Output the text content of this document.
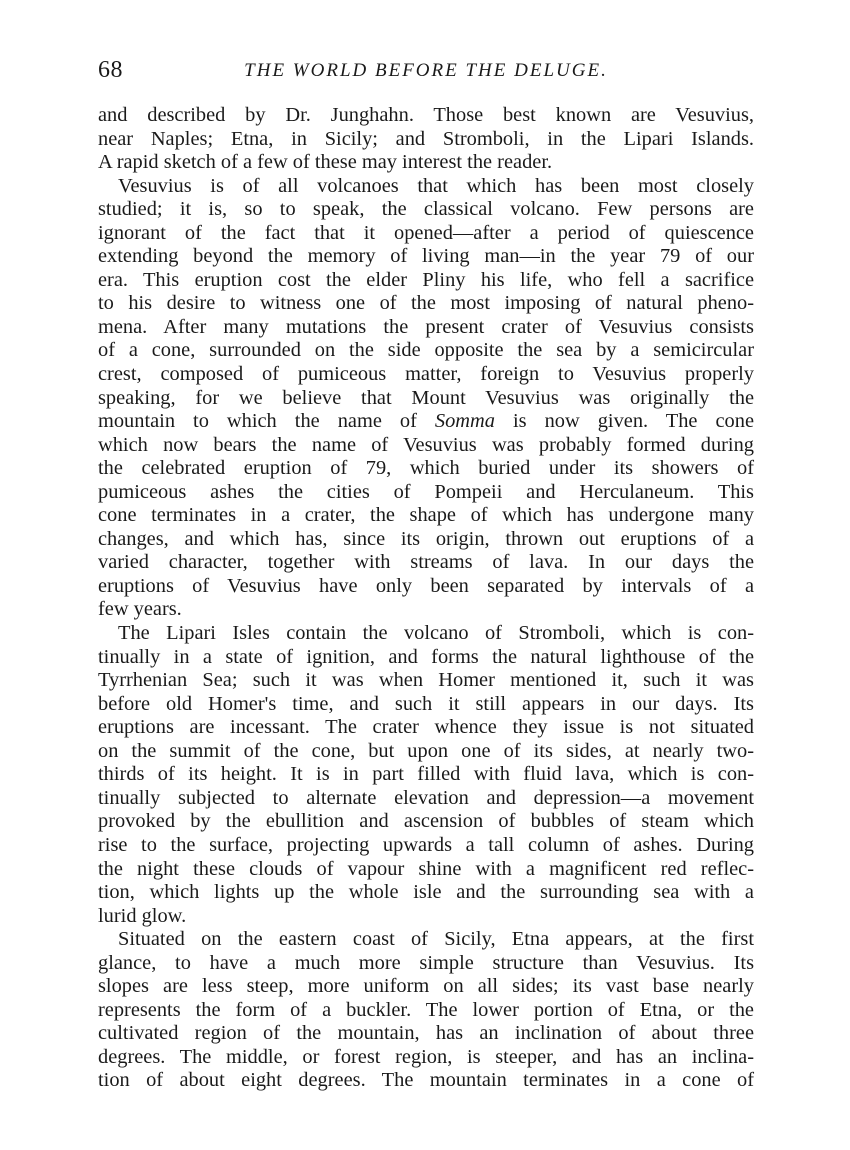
68	THE WORLD BEFORE THE DELUGE.

and described by Dr. Junghahn. Those best known are Vesuvius,
near Naples; Etna, in Sicily; and Stromboli, in the Lipari Islands.
A rapid sketch of a few of these may interest the reader.

Vesuvius is of all volcanoes that which has been most closely
studied; it is, so to speak, the classical volcano. Few persons are
ignorant of the fact that it opened—after a period of quiescence
extending beyond the memory of living man—in the year 79 of our
era. This eruption cost the elder Pliny his life, who fell a sacrifice
to his desire to witness one of the most imposing of natural pheno-
mena. After many mutations the present crater of Vesuvius consists
of a cone, surrounded on the side opposite the sea by a semicircular
crest, composed of pumiceous matter, foreign to Vesuvius properly
speaking, for we believe that Mount Vesuvius was originally the
mountain to which the name of Somma is now given. The cone
which now bears the name of Vesuvius was probably formed during
the celebrated eruption of 79, which buried under its showers of
pumiceous ashes the cities of Pompeii and Herculaneum. This
cone terminates in a crater, the shape of which has undergone many
changes, and which has, since its origin, thrown out eruptions of a
varied character, together with streams of lava. In our days the
eruptions of Vesuvius have only been separated by intervals of a
few years.

The Lipari Isles contain the volcano of Stromboli, which is con-
tinually in a state of ignition, and forms the natural lighthouse of the
Tyrrhenian Sea; such it was when Homer mentioned it, such it was
before old Homer's time, and such it still appears in our days. Its
eruptions are incessant. The crater whence they issue is not situated
on the summit of the cone, but upon one of its sides, at nearly two-
thirds of its height. It is in part filled with fluid lava, which is con-
tinually subjected to alternate elevation and depression—a movement
provoked by the ebullition and ascension of bubbles of steam which
rise to the surface, projecting upwards a tall column of ashes. During
the night these clouds of vapour shine with a magnificent red reflec-
tion, which lights up the whole isle and the surrounding sea with a
lurid glow.

Situated on the eastern coast of Sicily, Etna appears, at the first
glance, to have a much more simple structure than Vesuvius. Its
slopes are less steep, more uniform on all sides; its vast base nearly
represents the form of a buckler. The lower portion of Etna, or the
cultivated region of the mountain, has an inclination of about three
degrees. The middle, or forest region, is steeper, and has an inclina-
tion of about eight degrees. The mountain terminates in a cone of
